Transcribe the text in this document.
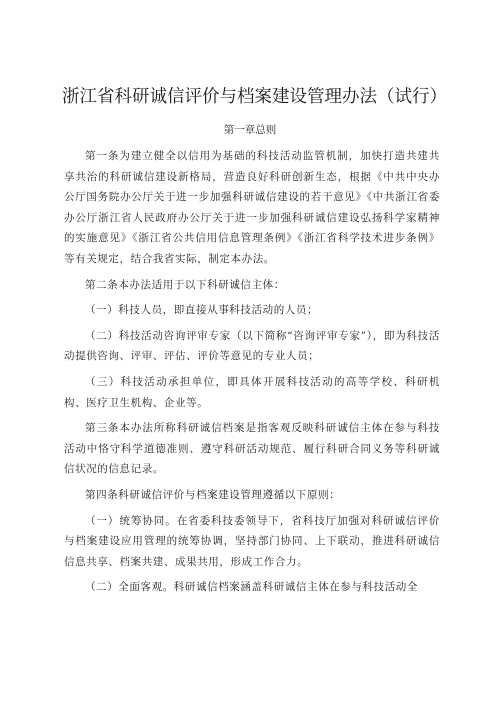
浙江省科研诚信评价与档案建设管理办法（试行）
第一章总则

第一条为建立健全以信用为基础的科技活动监管机制，加快打造共建共享共治的科研诚信建设新格局，营造良好科研创新生态，根据《中共中央办公厅国务院办公厅关于进一步加强科研诚信建设的若干意见》《中共浙江省委办公厅浙江省人民政府办公厅关于进一步加强科研诚信建设弘扬科学家精神的实施意见》《浙江省公共信用信息管理条例》《浙江省科学技术进步条例》等有关规定，结合我省实际，制定本办法。

第二条本办法适用于以下科研诚信主体：

（一）科技人员，即直接从事科技活动的人员；

（二）科技活动咨询评审专家（以下简称“咨询评审专家”），即为科技活动提供咨询、评审、评估、评价等意见的专业人员；

（三）科技活动承担单位，即具体开展科技活动的高等学校、科研机构、医疗卫生机构、企业等。

第三条本办法所称科研诚信档案是指客观反映科研诚信主体在参与科技活动中恪守科学道德准则、遵守科研活动规范、履行科研合同义务等科研诚信状况的信息记录。

第四条科研诚信评价与档案建设管理遵循以下原则：

（一）统筹协同。在省委科技委领导下，省科技厅加强对科研诚信评价与档案建设应用管理的统筹协调，坚持部门协同、上下联动，推进科研诚信信息共享、档案共建、成果共用，形成工作合力。

（二）全面客观。科研诚信档案涵盖科研诚信主体在参与科技活动全
